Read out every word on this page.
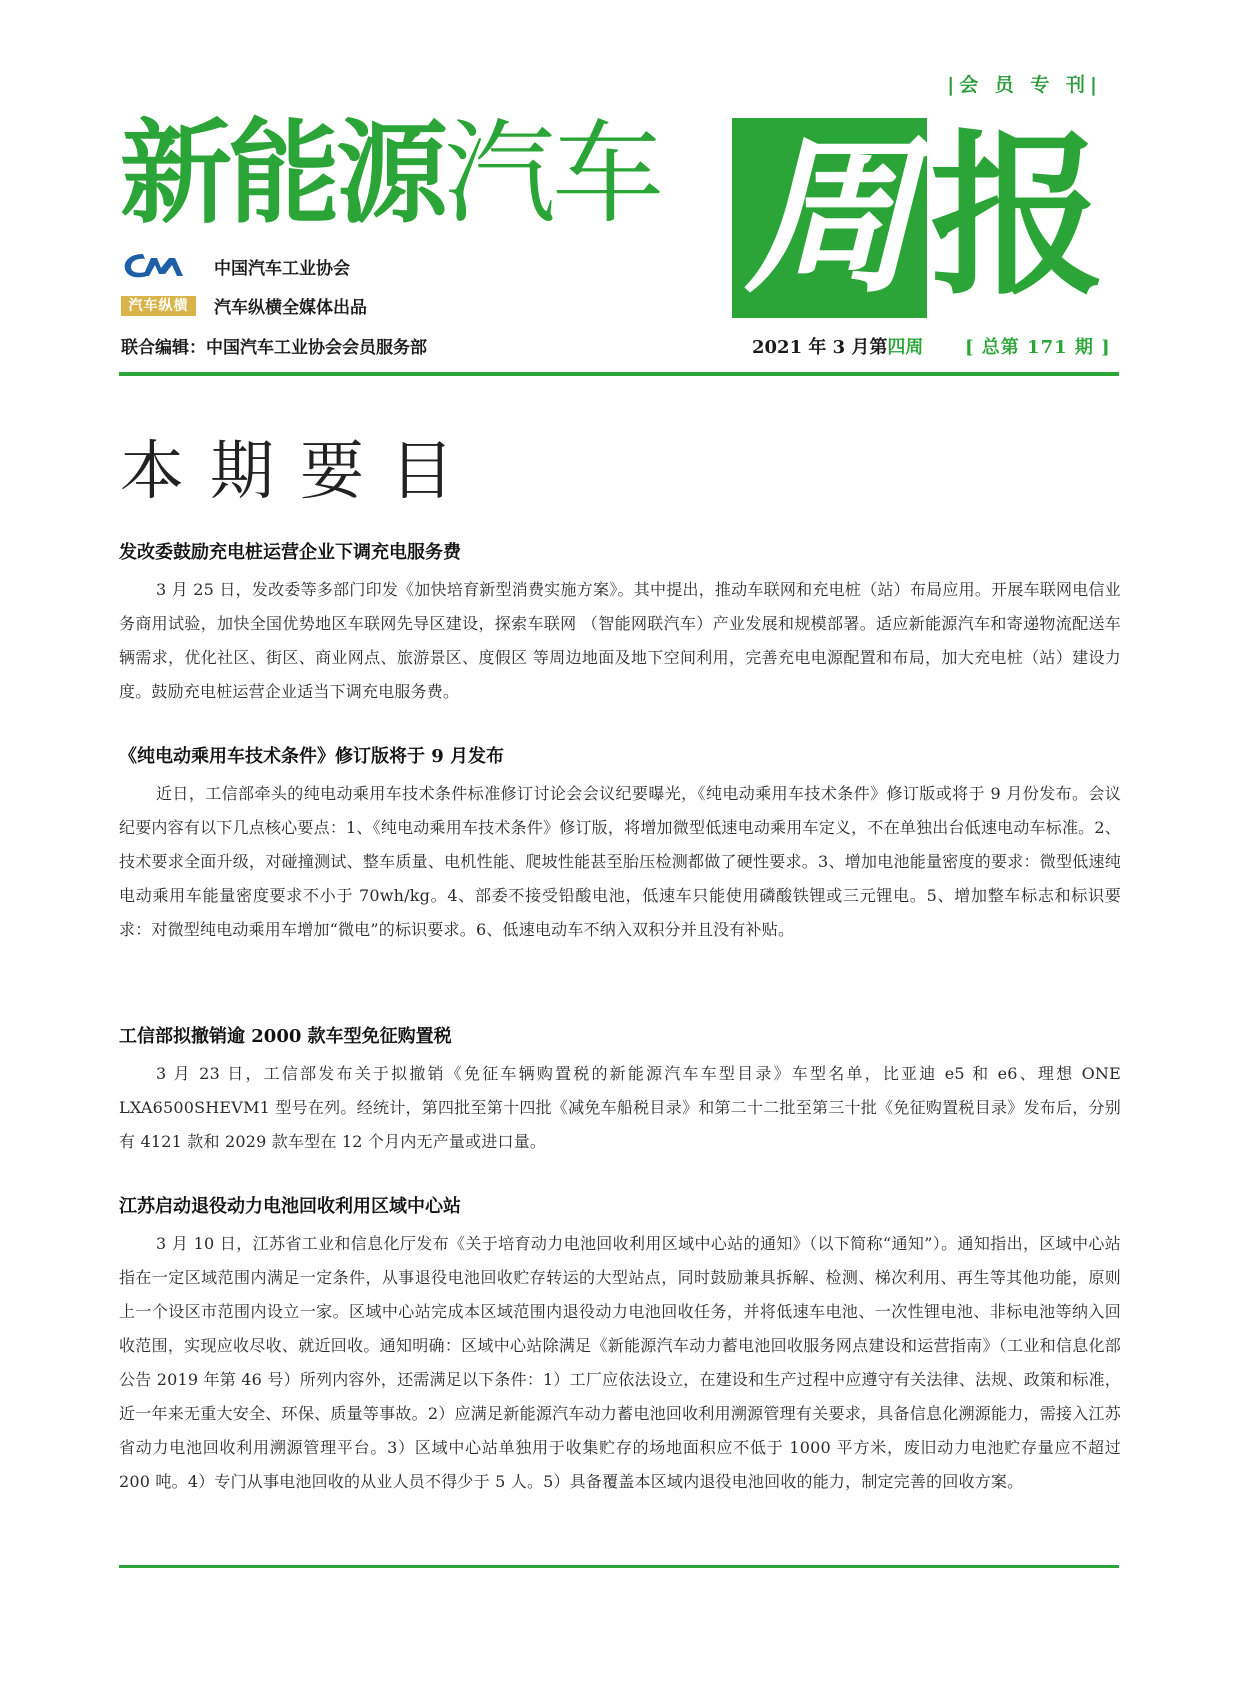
|会 员 专 刊|
新能源汽车 周 报
中国汽车工业协会
汽车纵横	汽车纵横全媒体出品
联合编辑：中国汽车工业协会会员服务部	2021 年 3 月第四周 [ 总第 171 期 ]
本期要目
发改委鼓励充电桩运营企业下调充电服务费

3 月 25 日，发改委等多部门印发《加快培育新型消费实施方案》。其中提出，推动车联网和充电桩（站）布局应用。开展车联网电信业务商用试验，加快全国优势地区车联网先导区建设，探索车联网 （智能网联汽车）产业发展和规模部署。适应新能源汽车和寄递物流配送车辆需求，优化社区、街区、商业网点、旅游景区、度假区 等周边地面及地下空间利用，完善充电电源配置和布局，加大充电桩（站）建设力度。鼓励充电桩运营企业适当下调充电服务费。

《纯电动乘用车技术条件》修订版将于 9 月发布

近日，工信部牵头的纯电动乘用车技术条件标准修订讨论会会议纪要曝光，《纯电动乘用车技术条件》修订版或将于 9 月份发布。会议纪要内容有以下几点核心要点：1、《纯电动乘用车技术条件》修订版，将增加微型低速电动乘用车定义，不在单独出台低速电动车标准。2、技术要求全面升级，对碰撞测试、整车质量、电机性能、爬坡性能甚至胎压检测都做了硬性要求。3、增加电池能量密度的要求：微型低速纯电动乘用车能量密度要求不小于 70wh/kg。4、部委不接受铅酸电池，低速车只能使用磷酸铁锂或三元锂电。5、增加整车标志和标识要求：对微型纯电动乘用车增加“微电”的标识要求。6、低速电动车不纳入双积分并且没有补贴。

工信部拟撤销逾 2000 款车型免征购置税

3 月 23 日，工信部发布关于拟撤销《免征车辆购置税的新能源汽车车型目录》车型名单，比亚迪 e5 和 e6、理想 ONE LXA6500SHEVM1 型号在列。经统计，第四批至第十四批《减免车船税目录》和第二十二批至第三十批《免征购置税目录》发布后，分别有 4121 款和 2029 款车型在 12 个月内无产量或进口量。

江苏启动退役动力电池回收利用区域中心站

3 月 10 日，江苏省工业和信息化厅发布《关于培育动力电池回收利用区域中心站的通知》（以下简称“通知”）。通知指出，区域中心站指在一定区域范围内满足一定条件，从事退役电池回收贮存转运的大型站点，同时鼓励兼具拆解、检测、梯次利用、再生等其他功能，原则上一个设区市范围内设立一家。区域中心站完成本区域范围内退役动力电池回收任务，并将低速车电池、一次性锂电池、非标电池等纳入回收范围，实现应收尽收、就近回收。通知明确：区域中心站除满足《新能源汽车动力蓄电池回收服务网点建设和运营指南》（工业和信息化部公告 2019 年第 46 号）所列内容外，还需满足以下条件：1）工厂应依法设立，在建设和生产过程中应遵守有关法律、法规、政策和标准，近一年来无重大安全、环保、质量等事故。2）应满足新能源汽车动力蓄电池回收利用溯源管理有关要求，具备信息化溯源能力，需接入江苏省动力电池回收利用溯源管理平台。3）区域中心站单独用于收集贮存的场地面积应不低于 1000 平方米，废旧动力电池贮存量应不超过 200 吨。4）专门从事电池回收的从业人员不得少于 5 人。5）具备覆盖本区域内退役电池回收的能力，制定完善的回收方案。
